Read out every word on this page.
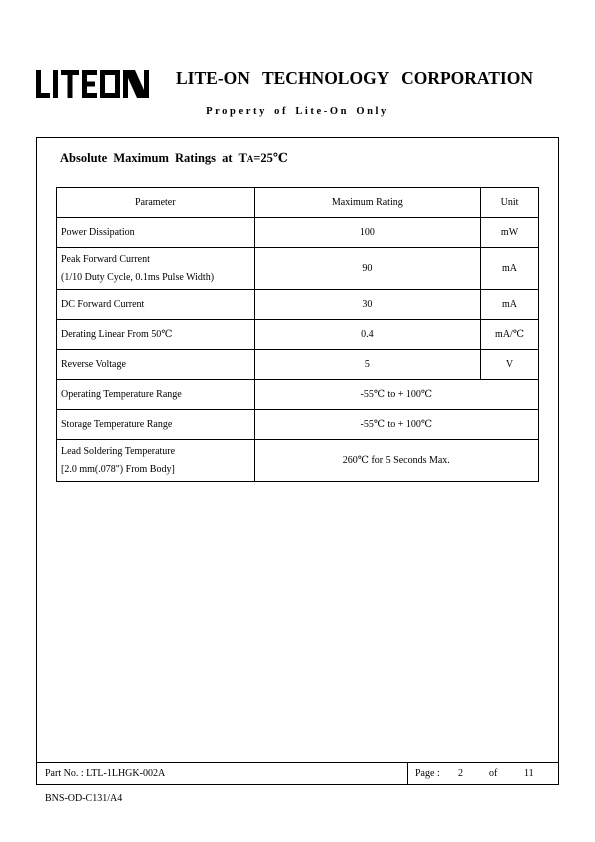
LITE-ON TECHNOLOGY CORPORATION
Property of Lite-On Only
Absolute Maximum Ratings at TA=25℃
Parameter	Maximum Rating	Unit
Power Dissipation	100	mW

Peak Forward Current
(1/10 Duty Cycle, 0.1ms Pulse Width)	90	mA
DC Forward Current	30	mA
Derating Linear From 50℃	0.4	mA/℃
Reverse Voltage	5	V
Operating Temperature Range	-55℃ to + 100℃	
Storage Temperature Range	-55℃ to + 100℃	

Lead Soldering Temperature
[2.0 mm(.078") From Body]	260℃ for 5 Seconds Max.	
Part No. : LTL-1LHGK-002A	Page : 2	of	11
BNS-OD-C131/A4
